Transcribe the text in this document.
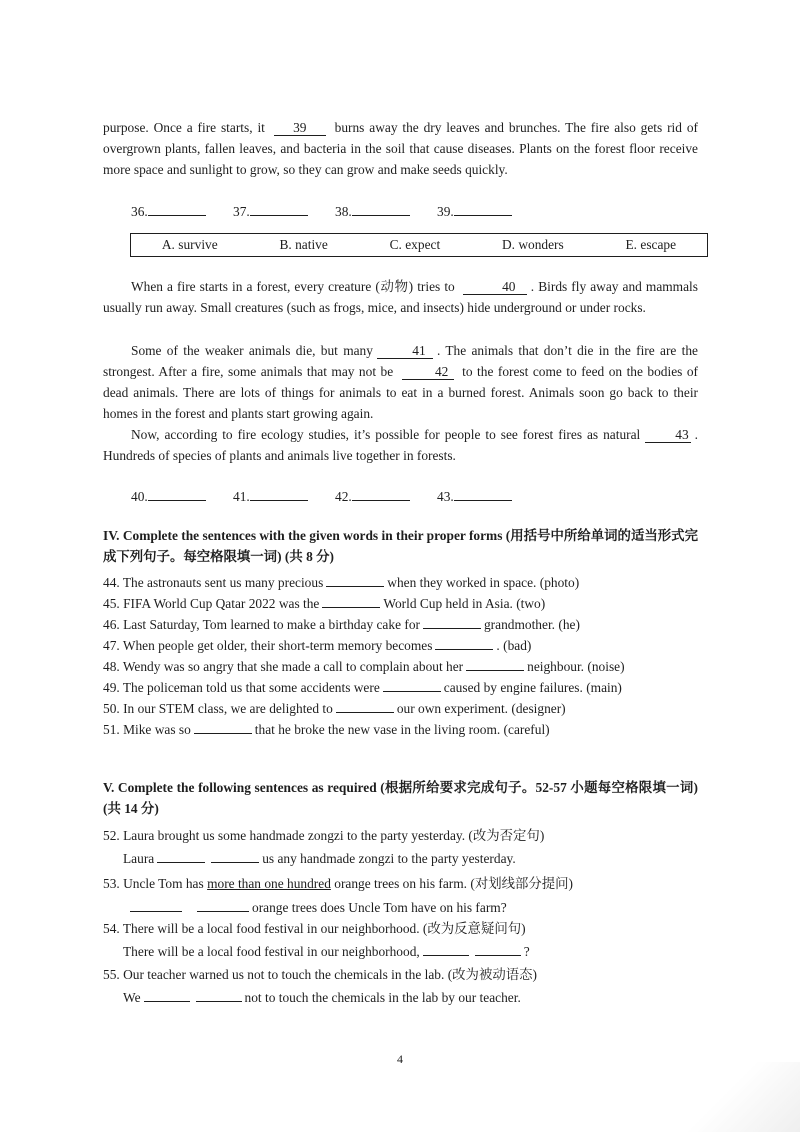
purpose. Once a fire starts, it 39 burns away the dry leaves and brunches. The fire also gets rid of overgrown plants, fallen leaves, and bacteria in the soil that cause diseases. Plants on the forest floor receive more space and sunlight to grow, so they can grow and make seeds quickly.

36.	37.	38.	39.
A. survive	B. native	C. expect	D. wonders	E. escape

When a fire starts in a forest, every creature (动物) tries to	40 . Birds fly away and mammals usually run away. Small creatures (such as frogs, mice, and insects) hide underground or under rocks.

Some of the weaker animals die, but many	41 . The animals that don’t die in the fire are the strongest. After a fire, some animals that may not be	42 to the forest come to feed on the bodies of dead animals. There are lots of things for animals to eat in a burned forest. Animals soon go back to their homes in the forest and plants start growing again.

Now, according to fire ecology studies, it’s possible for people to see forest fires as natural	43 . Hundreds of species of plants and animals live together in forests.

40.	41.	42.	43.

IV. Complete the sentences with the given words in their proper forms (用括号中所给单词的适当形式完成下列句子。每空格限填一词) (共 8 分)

44. The astronauts sent us many precious	when they worked in space. (photo)

45. FIFA World Cup Qatar 2022 was the	World Cup held in Asia. (two)

46. Last Saturday, Tom learned to make a birthday cake for	grandmother. (he)

47. When people get older, their short-term memory becomes	. (bad)

48. Wendy was so angry that she made a call to complain about her	neighbour. (noise)

49. The policeman told us that some accidents were	caused by engine failures. (main)

50. In our STEM class, we are delighted to	our own experiment. (designer)

51. Mike was so	that he broke the new vase in the living room. (careful)

V. Complete the following sentences as required (根据所给要求完成句子。52-57 小题每空格限填一词) (共 14 分)

52. Laura brought us some handmade zongzi to the party yesterday. (改为否定句)

Laura	us any handmade zongzi to the party yesterday.

53. Uncle Tom has more than one hundred orange trees on his farm. (对划线部分提问)

orange trees does Uncle Tom have on his farm?

54. There will be a local food festival in our neighborhood. (改为反意疑问句)

There will be a local food festival in our neighborhood,	?

55. Our teacher warned us not to touch the chemicals in the lab. (改为被动语态)

We	not to touch the chemicals in the lab by our teacher.

4
